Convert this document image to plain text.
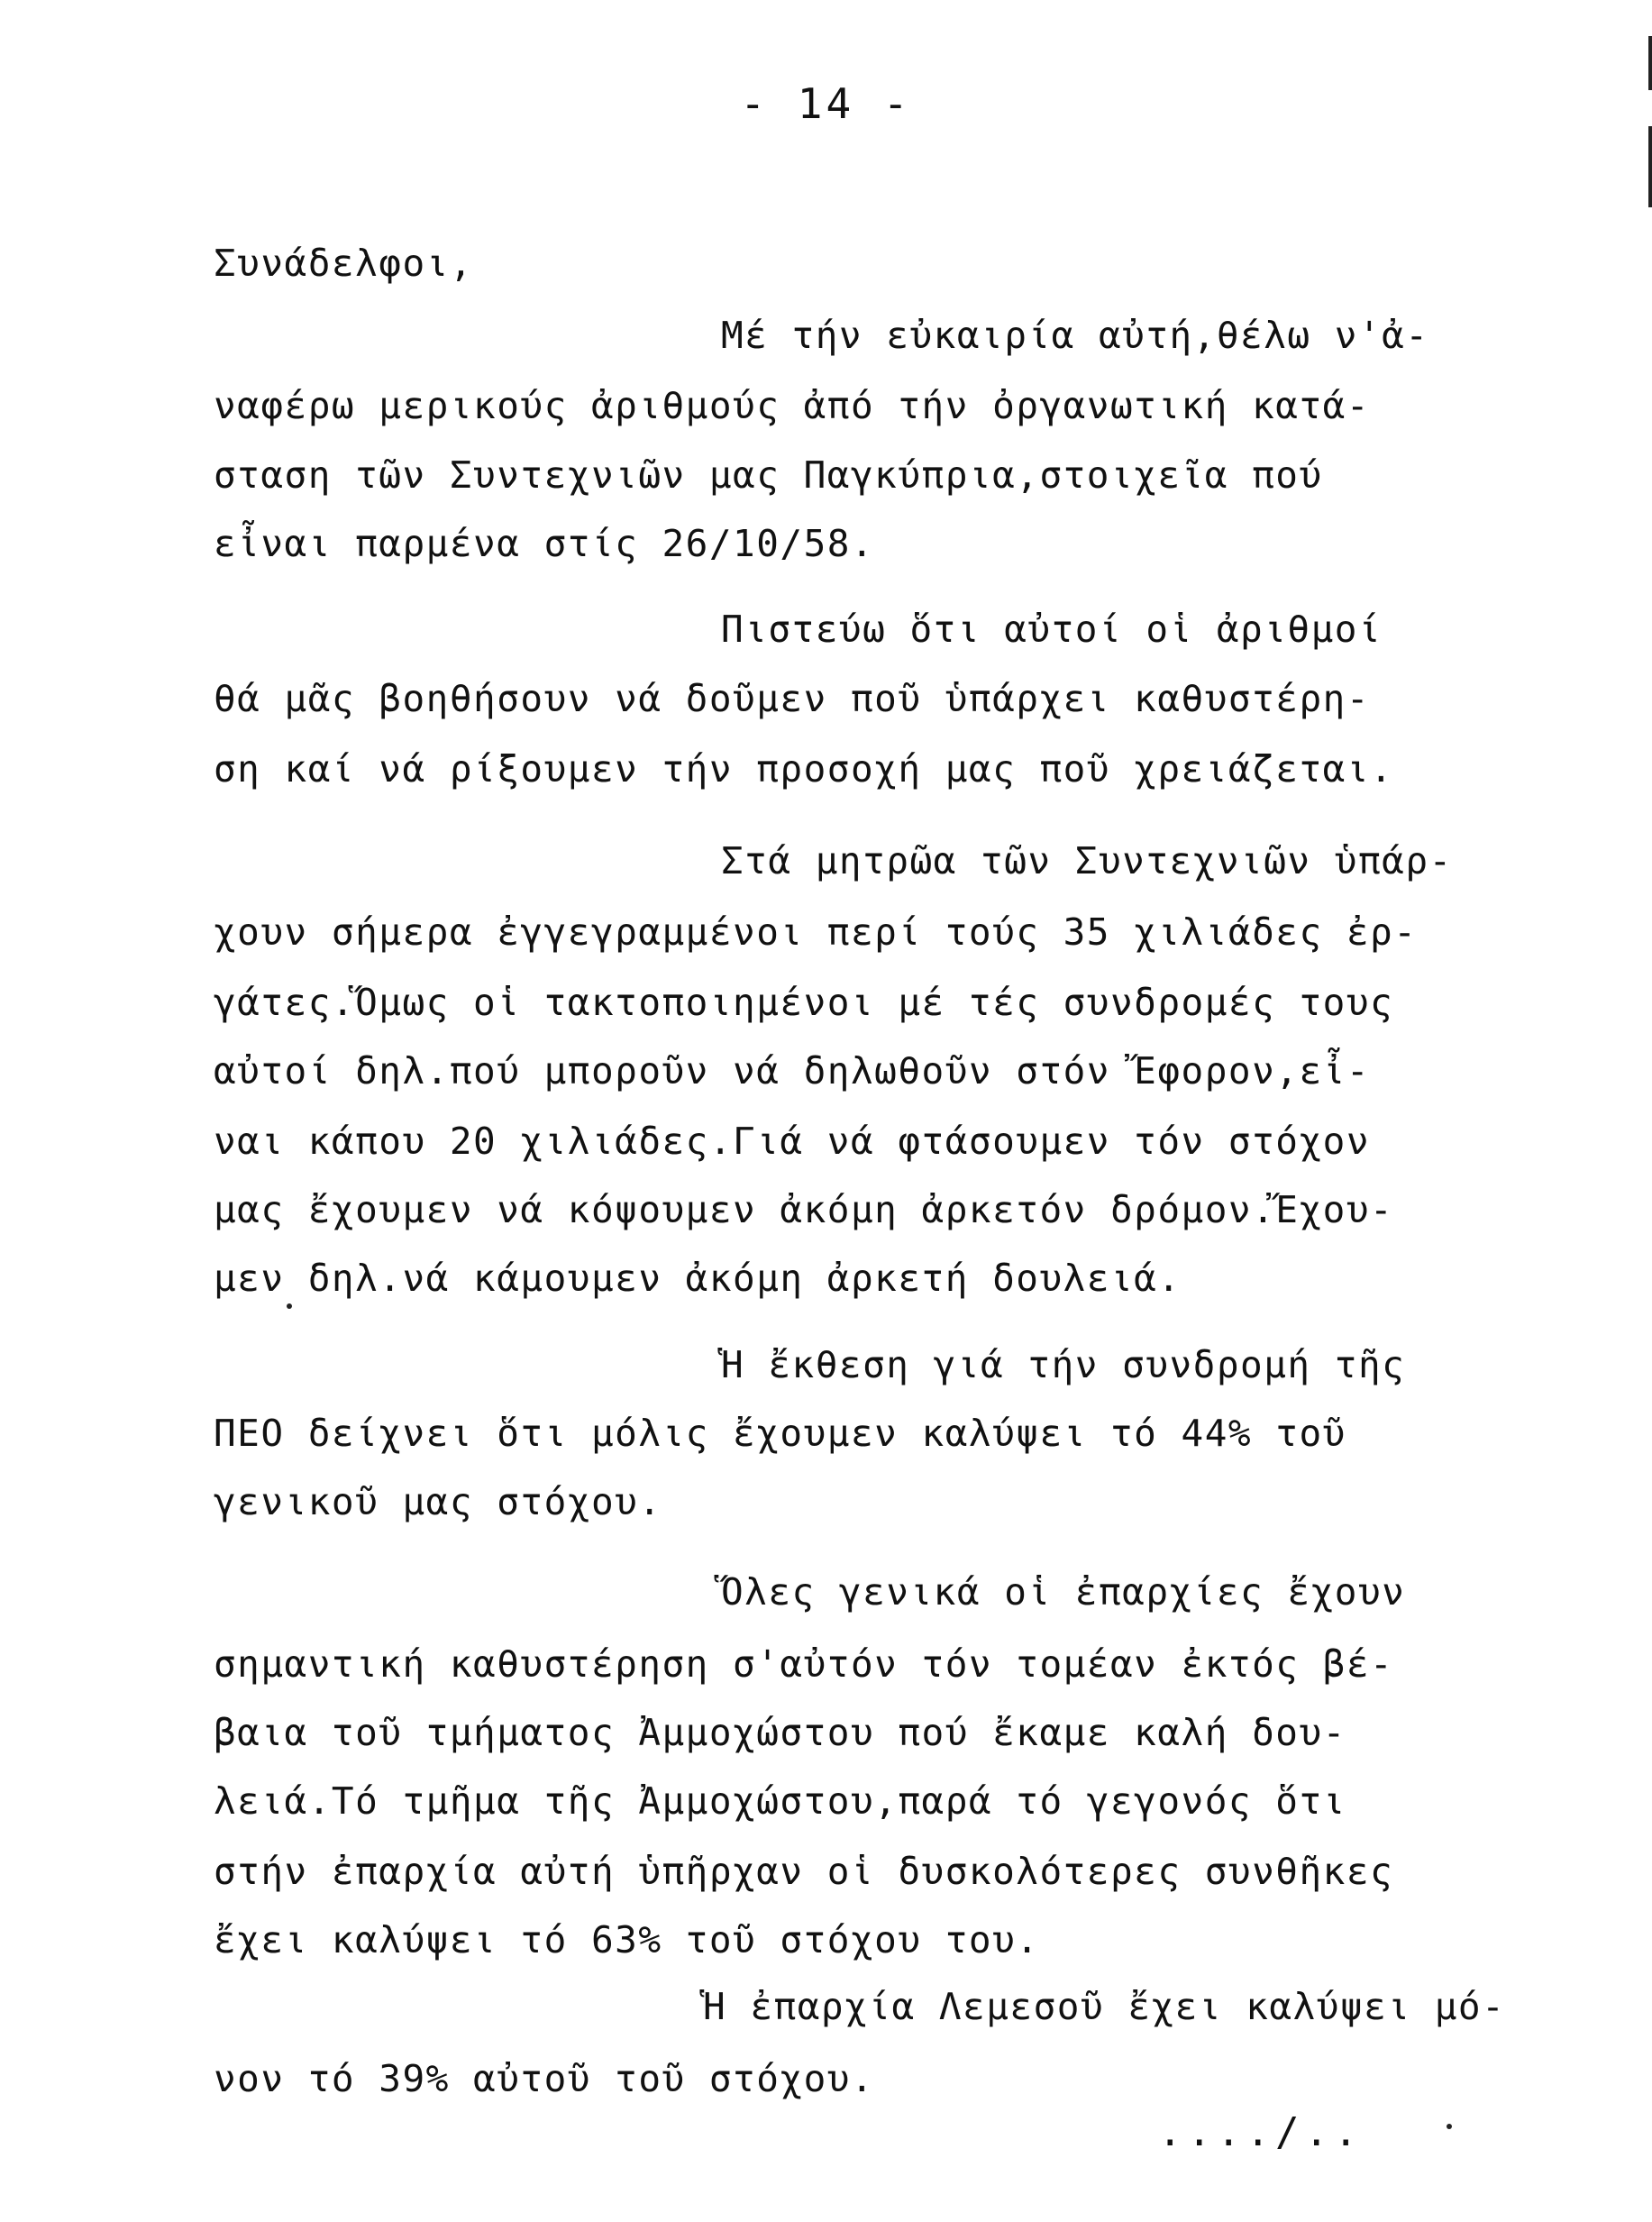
- 14 -
Συνάδελφοι,
Μέ τήν εὐκαιρία αὐτή,θέλω ν'ἀ-
ναφέρω μερικούς ἀριθμούς ἀπό τήν ὀργανωτική κατά-
σταση τῶν Συντεχνιῶν μας Παγκύπρια,στοιχεῖα πού
εἶναι παρμένα στίς 26/10/58.
Πιστεύω ὅτι αὐτοί οἱ ἀριθμοί
θά μᾶς βοηθήσουν νά δοῦμεν ποῦ ὑπάρχει καθυστέρη-
ση καί νά ρίξουμεν τήν προσοχή μας ποῦ χρειάζεται.
Στά μητρῶα τῶν Συντεχνιῶν ὑπάρ-
χουν σήμερα ἐγγεγραμμένοι περί τούς 35 χιλιάδες ἐρ-
γάτες.Ὅμως οἱ τακτοποιημένοι μέ τές συνδρομές τους
αὐτοί δηλ.πού μποροῦν νά δηλωθοῦν στόν Ἔφορον,εἶ-
ναι κάπου 20 χιλιάδες.Γιά νά φτάσουμεν τόν στόχον
μας ἔχουμεν νά κόψουμεν ἀκόμη ἀρκετόν δρόμον.Ἔχου-
μεν δηλ.νά κάμουμεν ἀκόμη ἀρκετή δουλειά.
Ἡ ἔκθεση γιά τήν συνδρομή τῆς
ΠΕΟ δείχνει ὅτι μόλις ἔχουμεν καλύψει τό 44% τοῦ
γενικοῦ μας στόχου.
Ὅλες γενικά οἱ ἐπαρχίες ἔχουν
σημαντική καθυστέρηση σ'αὐτόν τόν τομέαν ἐκτός βέ-
βαια τοῦ τμήματος Ἀμμοχώστου πού ἔκαμε καλή δου-
λειά.Τό τμῆμα τῆς Ἀμμοχώστου,παρά τό γεγονός ὅτι
στήν ἐπαρχία αὐτή ὑπῆρχαν οἱ δυσκολότερες συνθῆκες
ἔχει καλύψει τό 63% τοῦ στόχου του.
Ἡ ἐπαρχία Λεμεσοῦ ἔχει καλύψει μό-
νον τό 39% αὐτοῦ τοῦ στόχου.
..../..
